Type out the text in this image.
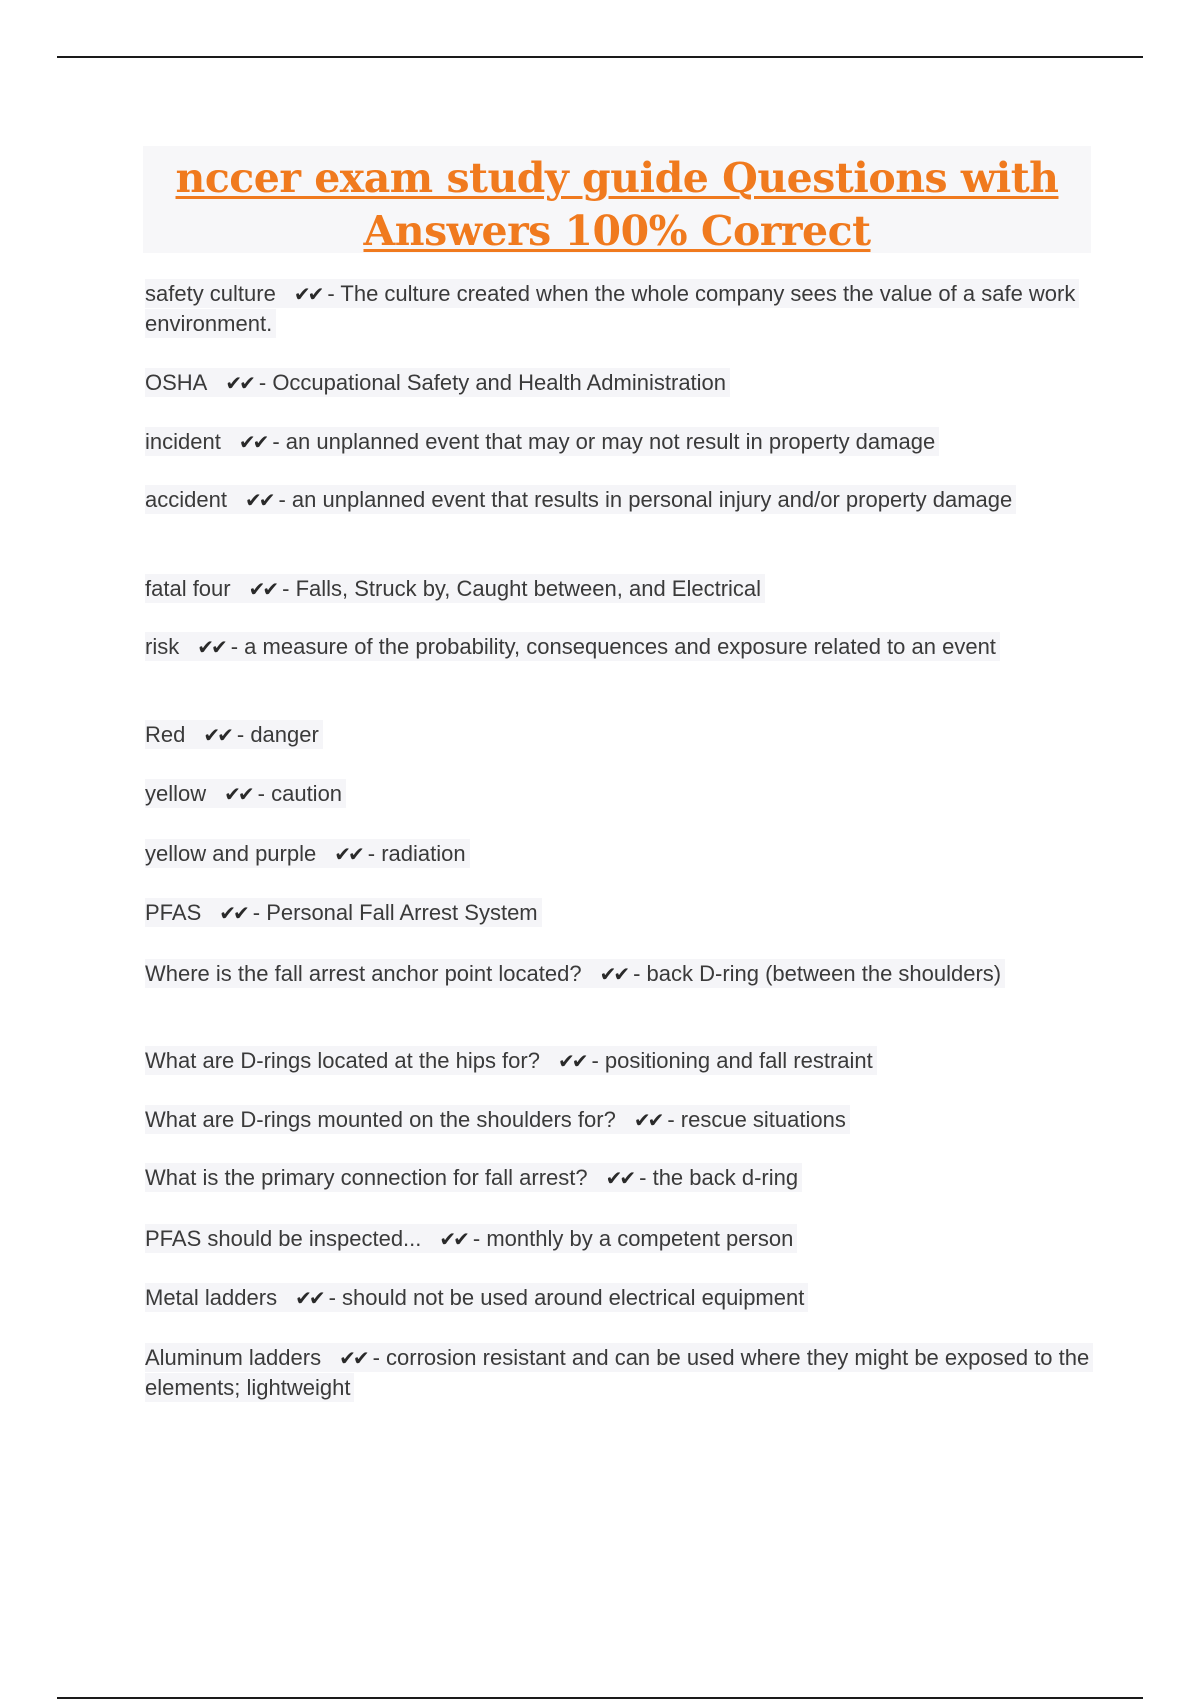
nccer exam study guide Questions with
Answers 100% Correct
safety culture ✔✔ - The culture created when the whole company sees the value of a safe work environment.
OSHA ✔✔ - Occupational Safety and Health Administration
incident ✔✔ - an unplanned event that may or may not result in property damage
accident ✔✔ - an unplanned event that results in personal injury and/or property damage
fatal four ✔✔ - Falls, Struck by, Caught between, and Electrical
risk ✔✔ - a measure of the probability, consequences and exposure related to an event
Red ✔✔ - danger
yellow ✔✔ - caution
yellow and purple ✔✔ - radiation
PFAS ✔✔ - Personal Fall Arrest System
Where is the fall arrest anchor point located? ✔✔ - back D-ring (between the shoulders)
What are D-rings located at the hips for? ✔✔ - positioning and fall restraint
What are D-rings mounted on the shoulders for? ✔✔ - rescue situations
What is the primary connection for fall arrest? ✔✔ - the back d-ring
PFAS should be inspected... ✔✔ - monthly by a competent person
Metal ladders ✔✔ - should not be used around electrical equipment
Aluminum ladders ✔✔ - corrosion resistant and can be used where they might be exposed to the elements; lightweight
